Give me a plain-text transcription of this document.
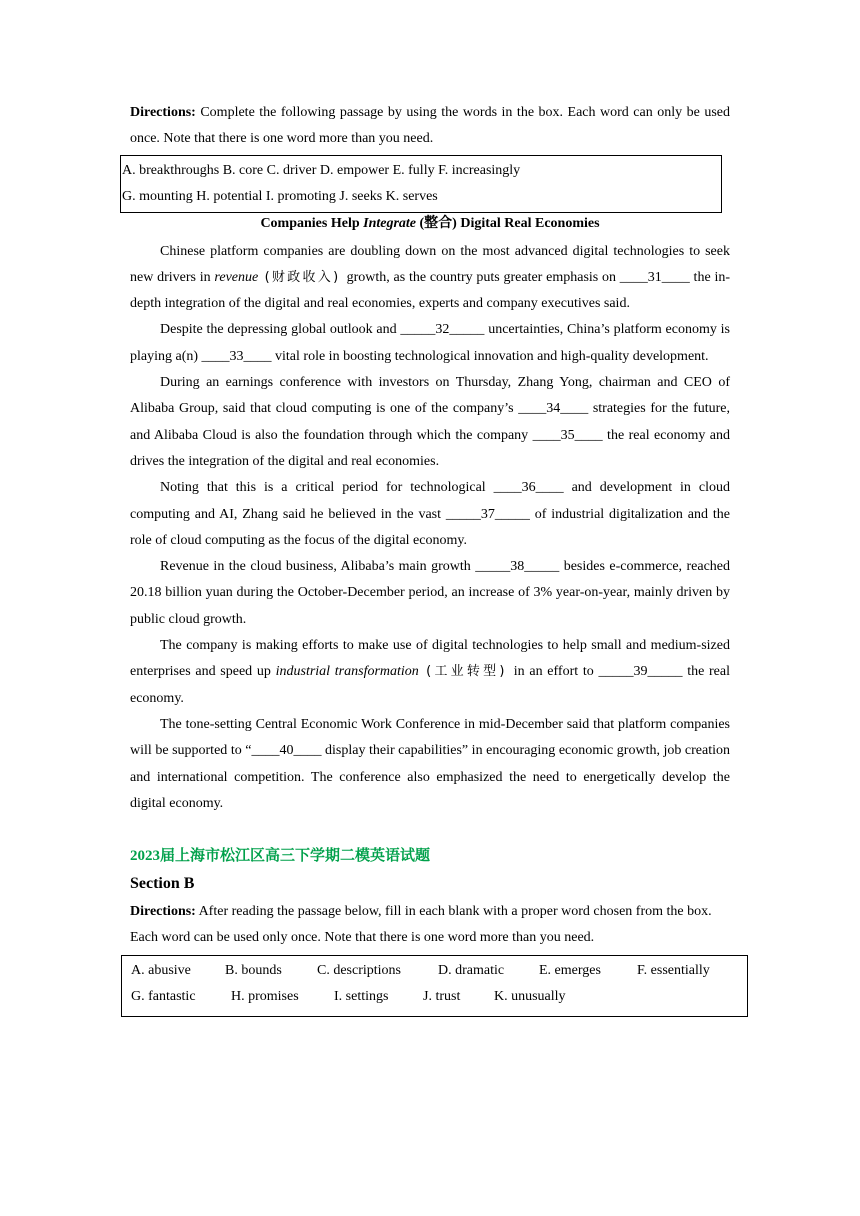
Directions: Complete the following passage by using the words in the box. Each word can only be used once. Note that there is one word more than you need.

A. breakthroughs B. core C. driver D. empower E. fully F. increasingly

G. mounting H. potential I. promoting J. seeks K. serves

Companies Help Integrate (整合) Digital Real Economies

Chinese platform companies are doubling down on the most advanced digital technologies to seek new drivers in revenue (财政收入) growth, as the country puts greater emphasis on ____31____ the in-depth integration of the digital and real economies, experts and company executives said.

Despite the depressing global outlook and _____32_____ uncertainties, China’s platform economy is playing a(n) ____33____ vital role in boosting technological innovation and high-quality development.

During an earnings conference with investors on Thursday, Zhang Yong, chairman and CEO of Alibaba Group, said that cloud computing is one of the company’s ____34____ strategies for the future, and Alibaba Cloud is also the foundation through which the company ____35____ the real economy and drives the integration of the digital and real economies.

Noting that this is a critical period for technological ____36____ and development in cloud computing and AI, Zhang said he believed in the vast _____37_____ of industrial digitalization and the role of cloud computing as the focus of the digital economy.

Revenue in the cloud business, Alibaba’s main growth _____38_____ besides e-commerce, reached 20.18 billion yuan during the October-December period, an increase of 3% year-on-year, mainly driven by public cloud growth.

The company is making efforts to make use of digital technologies to help small and medium-sized enterprises and speed up industrial transformation (工业转型) in an effort to _____39_____ the real economy.

The tone-setting Central Economic Work Conference in mid-December said that platform companies will be supported to “____40____ display their capabilities” in encouraging economic growth, job creation and international competition. The conference also emphasized the need to energetically develop the digital economy.

2023届上海市松江区高三下学期二模英语试题

Section B

Directions: After reading the passage below, fill in each blank with a proper word chosen from the box. Each word can be used only once. Note that there is one word more than you need.

A. abusive	B. bounds	C. descriptions	D. dramatic	E. emerges	F. essentially
G. fantastic	H. promises	I. settings	J. trust	K. unusually
